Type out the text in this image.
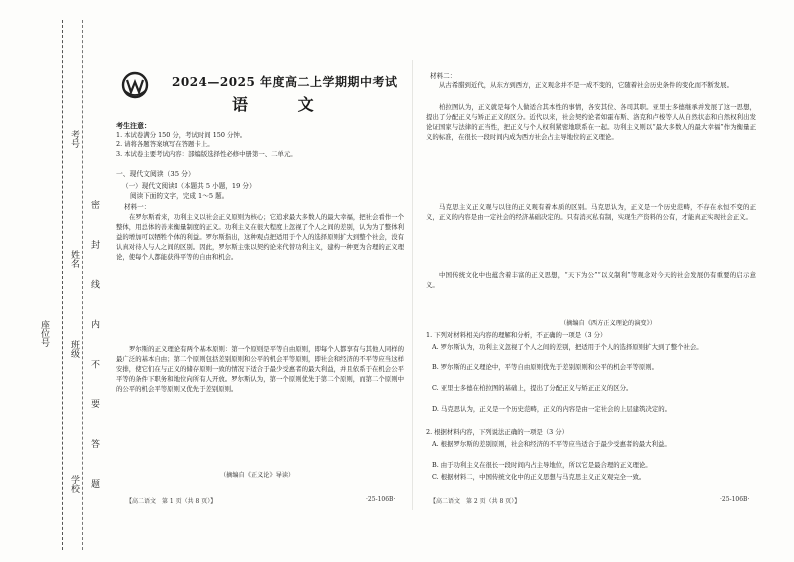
考号
姓名
座位号
班级
学校 密 封 线 内 不 要 答 题
2024—2025 年度高二上学期期中考试
语 文
考生注意：
1. 本试卷满分 150 分，考试时间 150 分钟。
2. 请将各题答案填写在答题卡上。
3. 本试卷主要考试内容：部编版选择性必修中册第一、二单元。
一、现代文阅读（35 分）
（一）现代文阅读Ⅰ（本题共 5 小题，19 分）
阅读下面的文字，完成 1～5 题。
材料一：
在罗尔斯看来，功利主义以社会正义原则为核心；它追求最大多数人的最大幸福，把社会看作一个整体，用总体的善来衡量制度的正义。功利主义在很大程度上忽视了个人之间的差别，认为为了整体利益的增加可以牺牲个体的利益。罗尔斯指出，这种观点把适用于个人的选择原则扩大到整个社会，没有认真对待人与人之间的区别。因此，罗尔斯主张以契约论来代替功利主义，建构一种更为合理的正义理论，使每个人都能获得平等的自由和机会。
罗尔斯的正义理论有两个基本原则：第一个原则是平等自由原则，即每个人都享有与其他人同样的最广泛的基本自由；第二个原则包括差别原则和公平的机会平等原则，即社会和经济的不平等应当这样安排，使它们在与正义的储存原则一致的情况下适合于最少受惠者的最大利益，并且依系于在机会公平平等的条件下职务和地位向所有人开放。罗尔斯认为，第一个原则优先于第二个原则，而第二个原则中的公平的机会平等原则又优先于差别原则。
（摘编自《正义论》导读）
【高二语文　第 1 页（共 8 页）】	·25-106B·
材料二：
从古希腊到近代，从东方到西方，正义观念并不是一成不变的，它随着社会历史条件的变化而不断发展。
柏拉图认为，正义就是每个人做适合其本性的事情，各安其位、各司其职。亚里士多德继承并发展了这一思想，提出了分配正义与矫正正义的区分。近代以来，社会契约论者如霍布斯、洛克和卢梭等人从自然状态和自然权利出发论证国家与法律的正当性，把正义与个人权利紧密地联系在一起。功利主义则以“最大多数人的最大幸福”作为衡量正义的标准，在很长一段时间内成为西方社会占主导地位的正义理论。
马克思主义正义观与以往的正义观有着本质的区别。马克思认为，正义是一个历史范畴，不存在永恒不变的正义，正义的内容是由一定社会的经济基础决定的。只有消灭私有制，实现生产资料的公有，才能真正实现社会正义。
中国传统文化中也蕴含着丰富的正义思想，“天下为公”“以义制利”等观念对今天的社会发展仍有重要的启示意义。
（摘编自《西方正义理论的演变》）
1. 下列对材料相关内容的理解和分析，不正确的一项是（3 分）
A. 罗尔斯认为，功利主义忽视了个人之间的差别，把适用于个人的选择原则扩大到了整个社会。
B. 罗尔斯的正义理论中，平等自由原则优先于差别原则和公平的机会平等原则。
C. 亚里士多德在柏拉图的基础上，提出了分配正义与矫正正义的区分。
D. 马克思认为，正义是一个历史范畴，正义的内容是由一定社会的上层建筑决定的。
2. 根据材料内容，下列说法正确的一项是（3 分）
A. 根据罗尔斯的差别原则，社会和经济的不平等应当适合于最少受惠者的最大利益。
B. 由于功利主义在很长一段时间内占主导地位，所以它是最合理的正义理论。
C. 根据材料二，中国传统文化中的正义思想与马克思主义正义观完全一致。
【高二语文　第 2 页（共 8 页）】	·25-106B·
